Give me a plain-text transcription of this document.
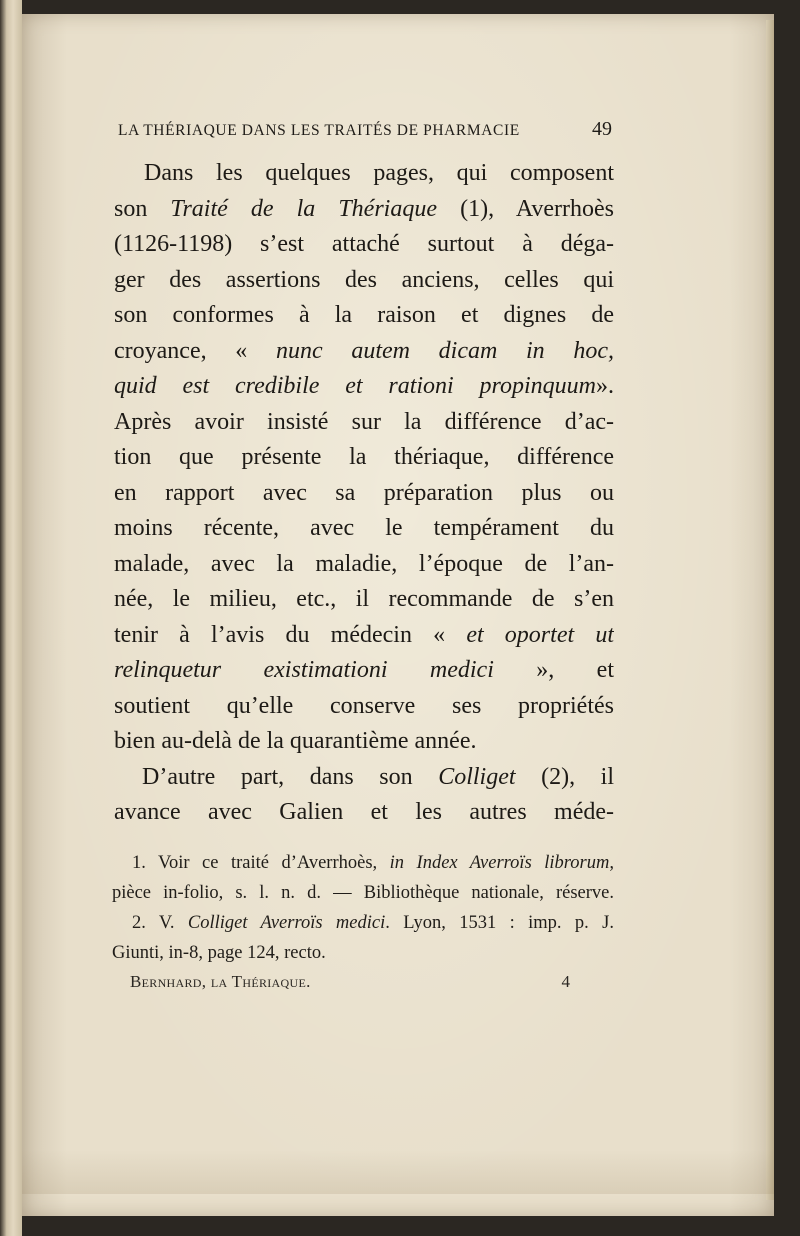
LA THÉRIAQUE DANS LES TRAITÉS DE PHARMACIE	49
Dans les quelques pages, qui composent
son Traité de la Thériaque (1), Averrhoès
(1126-1198) s’est attaché surtout à déga-
ger des assertions des anciens, celles qui
son conformes à la raison et dignes de
croyance, « nunc autem dicam in hoc,
quid est credibile et rationi propinquum».
Après avoir insisté sur la différence d’ac-
tion que présente la thériaque, différence
en rapport avec sa préparation plus ou
moins récente, avec le tempérament du
malade, avec la maladie, l’époque de l’an-
née, le milieu, etc., il recommande de s’en
tenir à l’avis du médecin « et oportet ut
relinquetur existimationi medici », et
soutient qu’elle conserve ses propriétés
bien au-delà de la quarantième année.
D’autre part, dans son Colliget (2), il
avance avec Galien et les autres méde-
1. Voir ce traité d’Averrhoès, in Index Averroïs librorum,
pièce in-folio, s. l. n. d. — Bibliothèque nationale, réserve.
2. V. Colliget Averroïs medici. Lyon, 1531 : imp. p. J.
Giunti, in-8, page 124, recto.
Bernhard, la Thériaque.	4
